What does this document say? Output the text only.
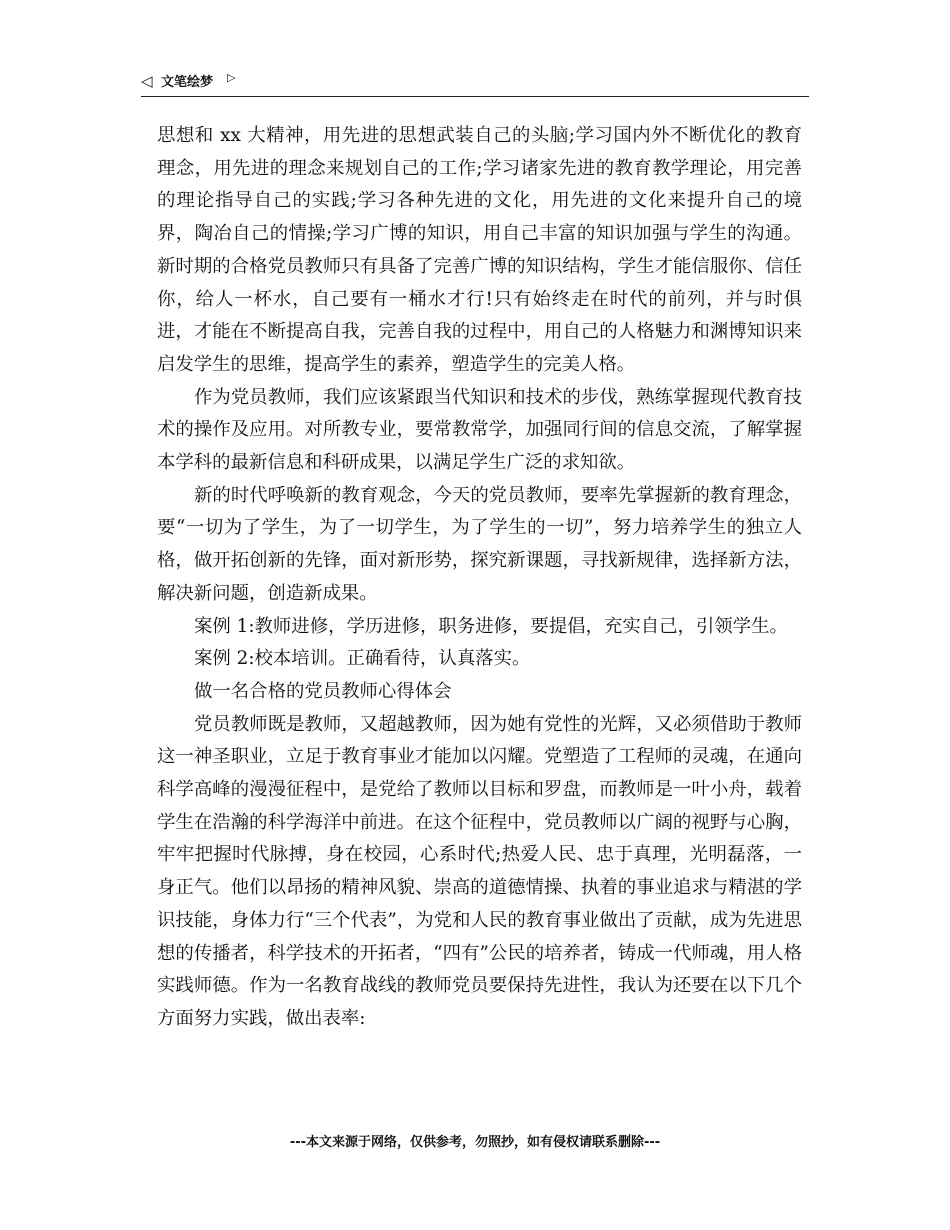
◁ 文笔绘梦 ▷

思想和 xx 大精神，用先进的思想武装自己的头脑;学习国内外不断优化的教育理念，用先进的理念来规划自己的工作;学习诸家先进的教育教学理论，用完善的理论指导自己的实践;学习各种先进的文化，用先进的文化来提升自己的境界，陶冶自己的情操;学习广博的知识，用自己丰富的知识加强与学生的沟通。新时期的合格党员教师只有具备了完善广博的知识结构，学生才能信服你、信任你，给人一杯水，自己要有一桶水才行!只有始终走在时代的前列，并与时俱进，才能在不断提高自我，完善自我的过程中，用自己的人格魅力和渊博知识来启发学生的思维，提高学生的素养，塑造学生的完美人格。

作为党员教师，我们应该紧跟当代知识和技术的步伐，熟练掌握现代教育技术的操作及应用。对所教专业，要常教常学，加强同行间的信息交流，了解掌握本学科的最新信息和科研成果，以满足学生广泛的求知欲。

新的时代呼唤新的教育观念，今天的党员教师，要率先掌握新的教育理念，要“一切为了学生，为了一切学生，为了学生的一切”，努力培养学生的独立人格，做开拓创新的先锋，面对新形势，探究新课题，寻找新规律，选择新方法，解决新问题，创造新成果。

案例 1:教师进修，学历进修，职务进修，要提倡，充实自己，引领学生。

案例 2:校本培训。正确看待，认真落实。

做一名合格的党员教师心得体会

党员教师既是教师，又超越教师，因为她有党性的光辉，又必须借助于教师这一神圣职业，立足于教育事业才能加以闪耀。党塑造了工程师的灵魂，在通向科学高峰的漫漫征程中，是党给了教师以目标和罗盘，而教师是一叶小舟，载着学生在浩瀚的科学海洋中前进。在这个征程中，党员教师以广阔的视野与心胸，牢牢把握时代脉搏，身在校园，心系时代;热爱人民、忠于真理，光明磊落，一身正气。他们以昂扬的精神风貌、崇高的道德情操、执着的事业追求与精湛的学识技能，身体力行“三个代表”，为党和人民的教育事业做出了贡献，成为先进思想的传播者，科学技术的开拓者，“四有”公民的培养者，铸成一代师魂，用人格实践师德。作为一名教育战线的教师党员要保持先进性，我认为还要在以下几个方面努力实践，做出表率:

---本文来源于网络，仅供参考，勿照抄，如有侵权请联系删除---
